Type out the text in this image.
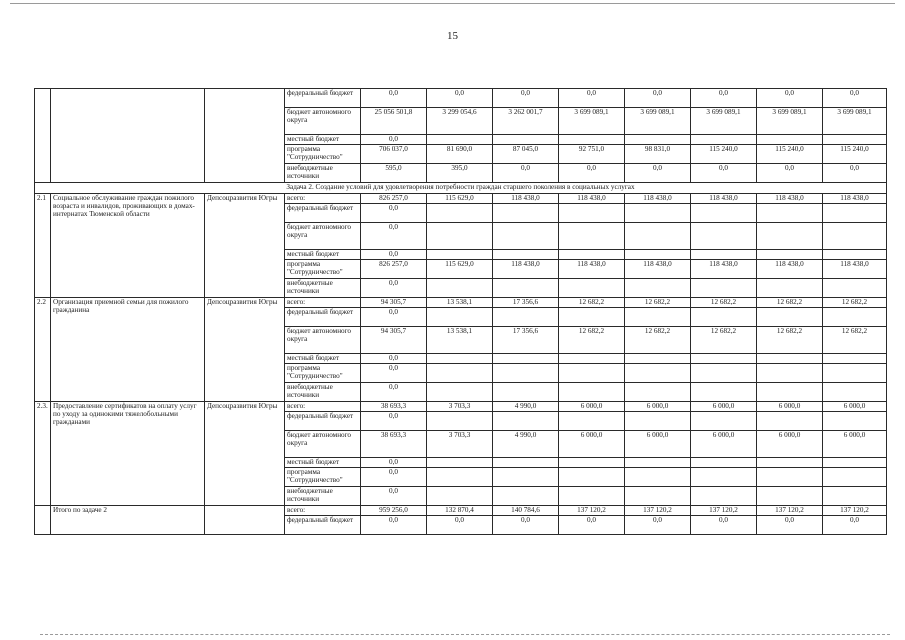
15
			федеральный бюджет	0,0	0,0	0,0	0,0	0,0	0,0	0,0	0,0
			бюджет автономного округа	25 056 501,8	3 299 054,6	3 262 001,7	3 699 089,1	3 699 089,1	3 699 089,1	3 699 089,1	3 699 089,1
			местный бюджет	0,0							
			программа "Сотрудничество"	706 037,0	81 690,0	87 045,0	92 751,0	98 831,0	115 240,0	115 240,0	115 240,0
			внебюджетные источники	595,0	395,0	0,0	0,0	0,0	0,0	0,0	0,0
Задача 2. Создание условий для удовлетворения потребности граждан старшего поколения в социальных услугах											
2.1	Социальное обслуживание граждан пожилого возраста и инвалидов, проживающих в домах-интернатах Тюменской области	Депсоцразвития Югры	всего:	826 257,0	115 629,0	118 438,0	118 438,0	118 438,0	118 438,0	118 438,0	118 438,0
			федеральный бюджет	0,0							
			бюджет автономного округа	0,0							
			местный бюджет	0,0							
			программа "Сотрудничество"	826 257,0	115 629,0	118 438,0	118 438,0	118 438,0	118 438,0	118 438,0	118 438,0
			внебюджетные источники	0,0							
2.2	Организация приемной семьи для пожилого гражданина	Депсоцразвития Югры	всего:	94 305,7	13 538,1	17 356,6	12 682,2	12 682,2	12 682,2	12 682,2	12 682,2
			федеральный бюджет	0,0							
			бюджет автономного округа	94 305,7	13 538,1	17 356,6	12 682,2	12 682,2	12 682,2	12 682,2	12 682,2
			местный бюджет	0,0							
			программа "Сотрудничество"	0,0							
			внебюджетные источники	0,0							
2.3.	Предоставление сертификатов на оплату услуг по уходу за одинокими тяжелобольными гражданами	Депсоцразвития Югры	всего:	38 693,3	3 703,3	4 990,0	6 000,0	6 000,0	6 000,0	6 000,0	6 000,0
			федеральный бюджет	0,0							
			бюджет автономного округа	38 693,3	3 703,3	4 990,0	6 000,0	6 000,0	6 000,0	6 000,0	6 000,0
			местный бюджет	0,0							
			программа "Сотрудничество"	0,0							
			внебюджетные источники	0,0							
	Итого по задаче 2		всего:	959 256,0	132 870,4	140 784,6	137 120,2	137 120,2	137 120,2	137 120,2	137 120,2
			федеральный бюджет	0,0	0,0	0,0	0,0	0,0	0,0	0,0	0,0
